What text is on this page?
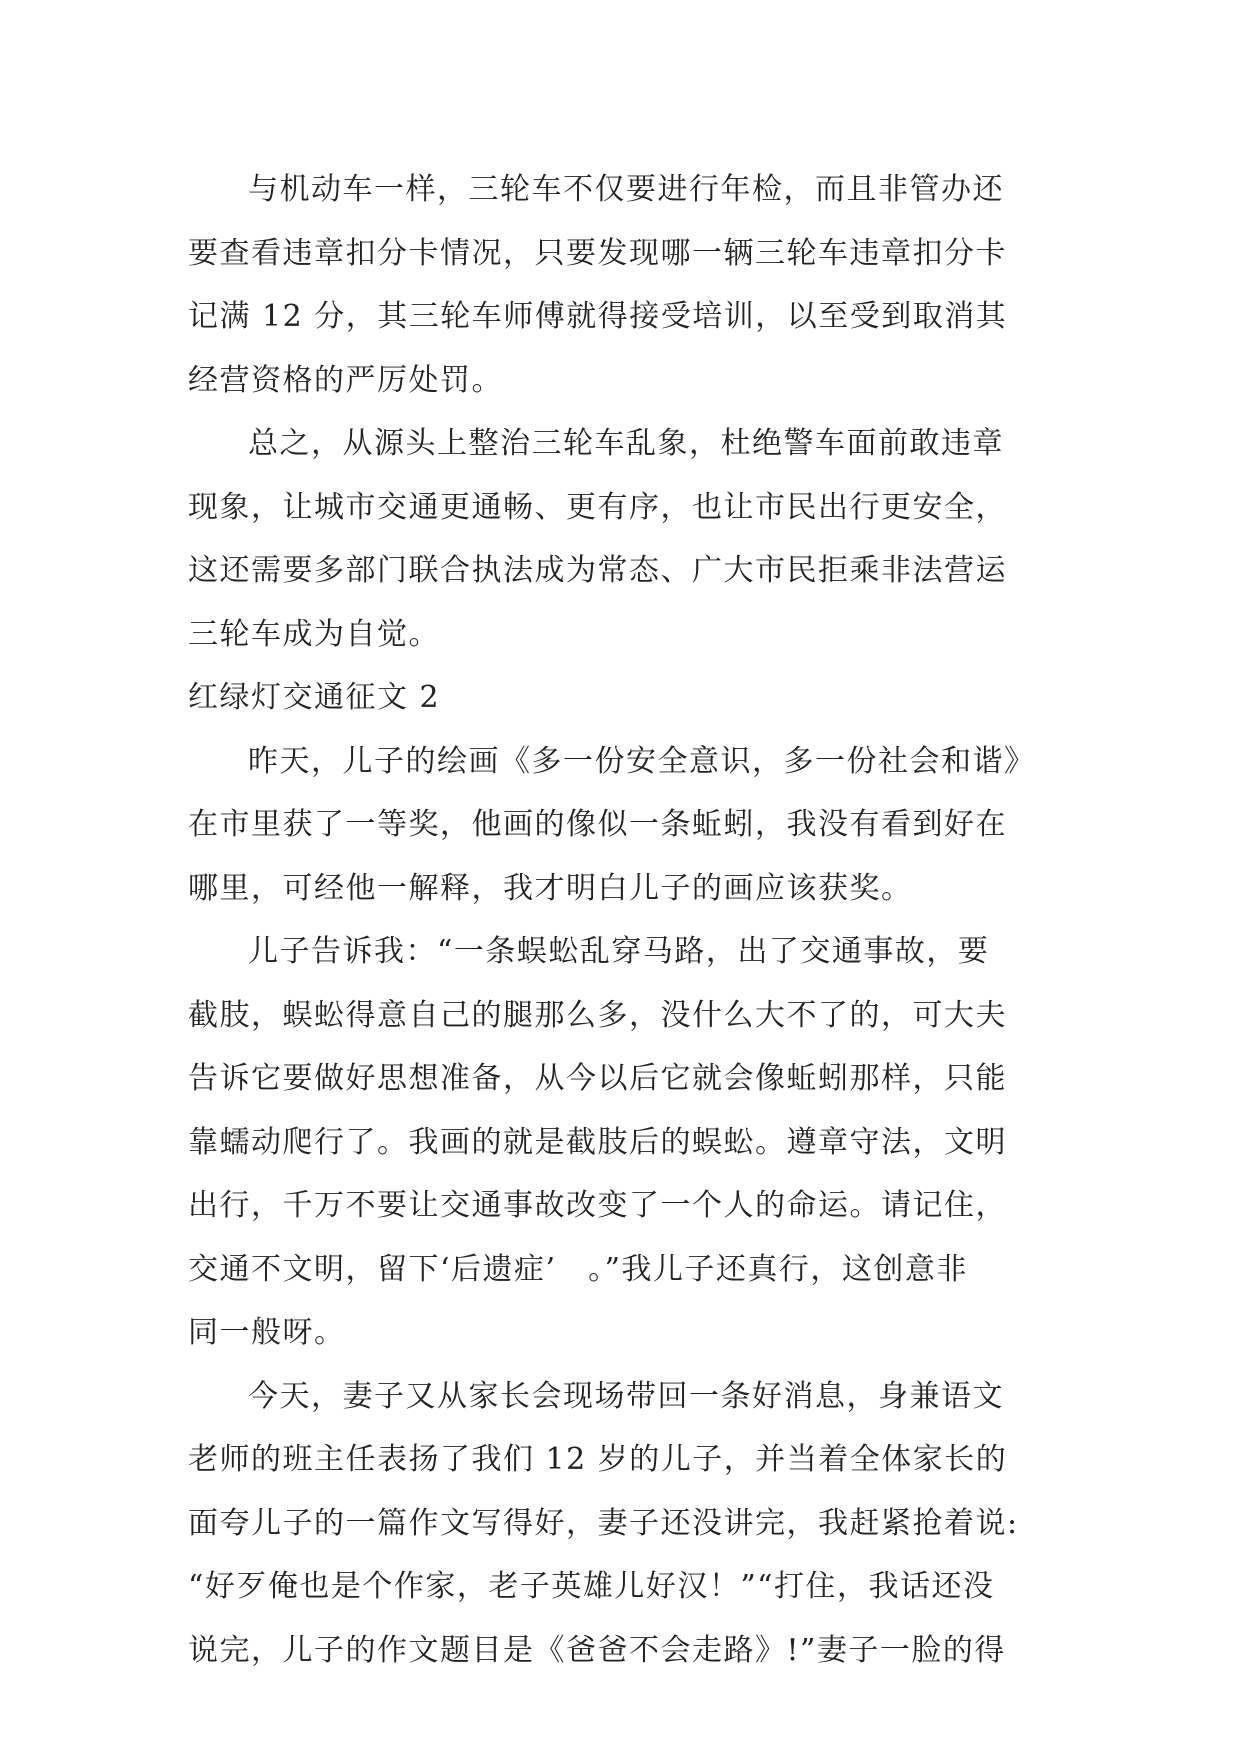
与机动车一样，三轮车不仅要进行年检，而且非管办还
要查看违章扣分卡情况，只要发现哪一辆三轮车违章扣分卡
记满 12 分，其三轮车师傅就得接受培训，以至受到取消其
经营资格的严厉处罚。
总之，从源头上整治三轮车乱象，杜绝警车面前敢违章
现象，让城市交通更通畅、更有序，也让市民出行更安全，
这还需要多部门联合执法成为常态、广大市民拒乘非法营运
三轮车成为自觉。
红绿灯交通征文 2
昨天，儿子的绘画《多一份安全意识，多一份社会和谐》
在市里获了一等奖，他画的像似一条蚯蚓，我没有看到好在
哪里，可经他一解释，我才明白儿子的画应该获奖。
儿子告诉我：“一条蜈蚣乱穿马路，出了交通事故，要
截肢，蜈蚣得意自己的腿那么多，没什么大不了的，可大夫
告诉它要做好思想准备，从今以后它就会像蚯蚓那样，只能
靠蠕动爬行了。我画的就是截肢后的蜈蚣。遵章守法，文明
出行，千万不要让交通事故改变了一个人的命运。请记住，
交通不文明，留下‘后遗症’　。”我儿子还真行，这创意非
同一般呀。
今天，妻子又从家长会现场带回一条好消息，身兼语文
老师的班主任表扬了我们 12 岁的儿子，并当着全体家长的
面夸儿子的一篇作文写得好，妻子还没讲完，我赶紧抢着说:
“好歹俺也是个作家，老子英雄儿好汉！”“打住，我话还没
说完，儿子的作文题目是《爸爸不会走路》!”妻子一脸的得
